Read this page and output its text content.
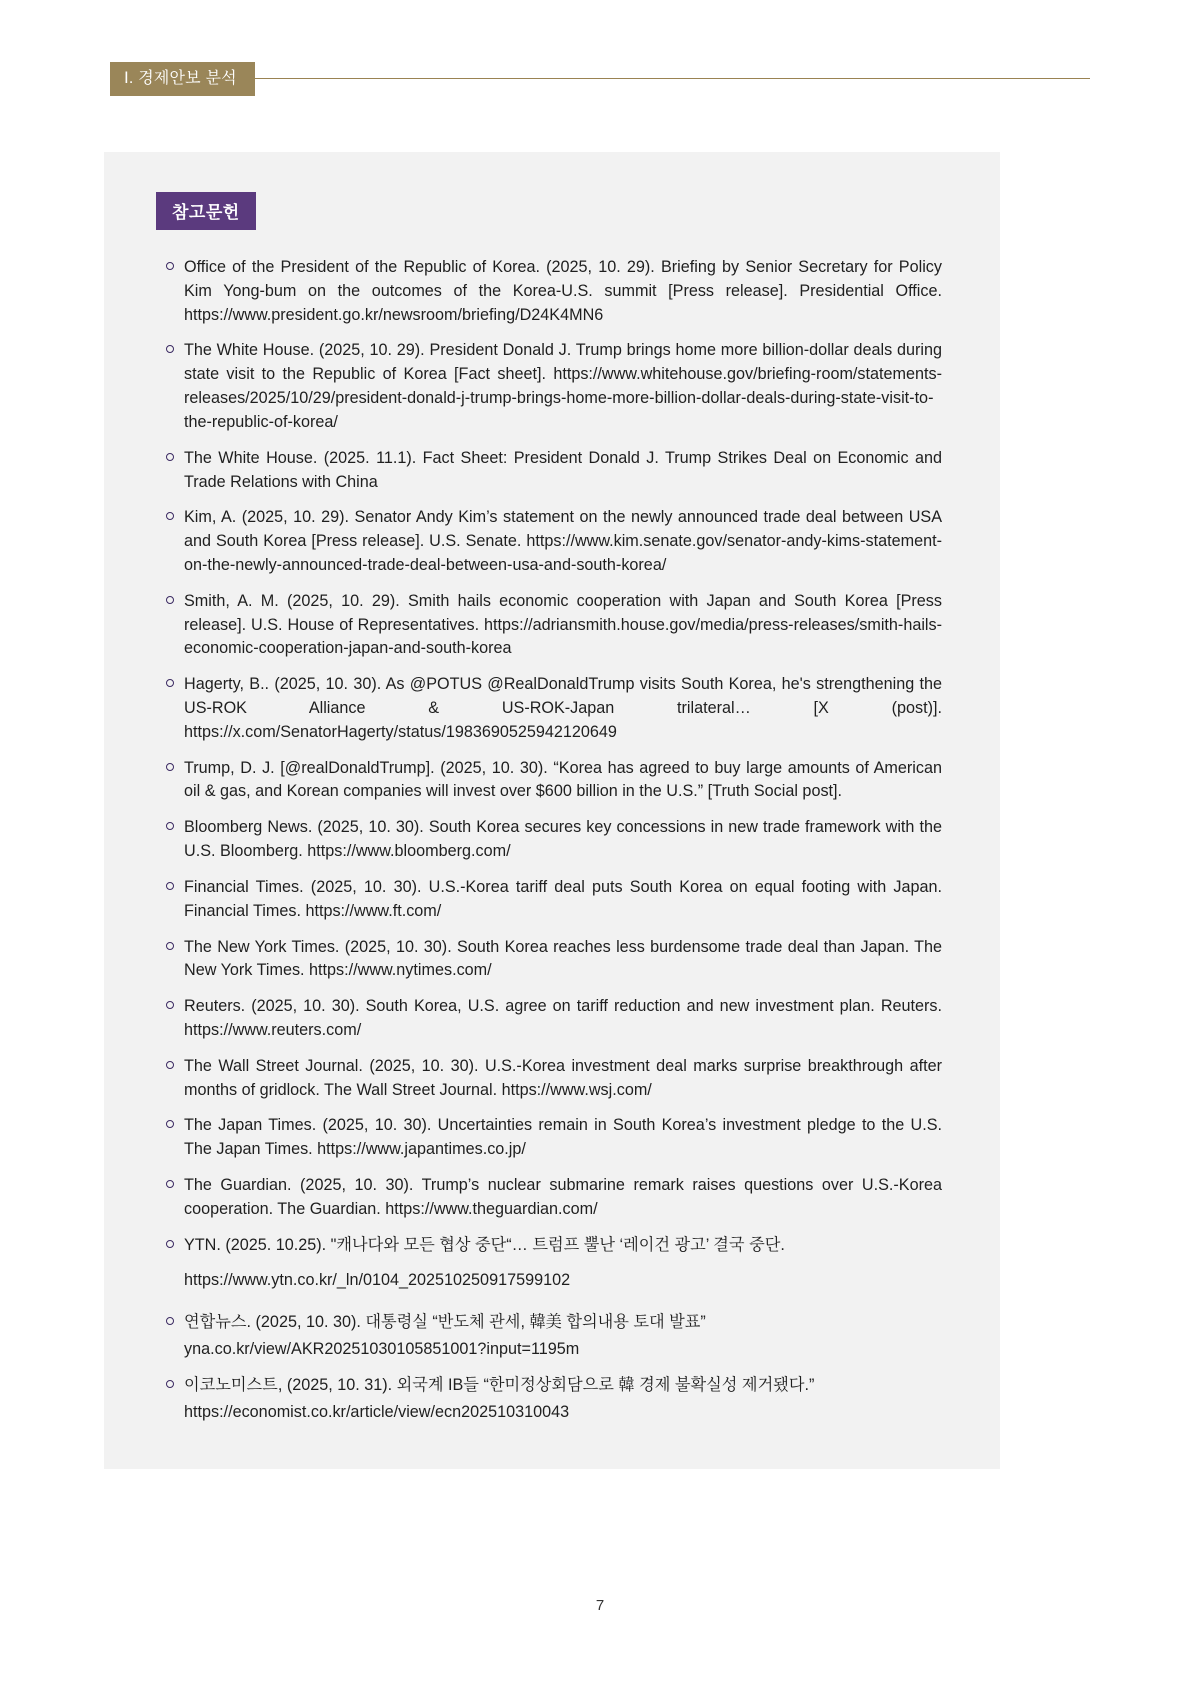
Ⅰ. 경제안보 분석
참고문헌
Office of the President of the Republic of Korea. (2025, 10. 29). Briefing by Senior Secretary for Policy Kim Yong-bum on the outcomes of the Korea-U.S. summit [Press release]. Presidential Office. https://www.president.go.kr/newsroom/briefing/D24K4MN6
The White House. (2025, 10. 29). President Donald J. Trump brings home more billion-dollar deals during state visit to the Republic of Korea [Fact sheet]. https://www.whitehouse.gov/briefing-room/statements-releases/2025/10/29/president-donald-j-trump-brings-home-more-billion-dollar-deals-during-state-visit-to-the-republic-of-korea/
The White House. (2025. 11.1). Fact Sheet: President Donald J. Trump Strikes Deal on Economic and Trade Relations with China
Kim, A. (2025, 10. 29). Senator Andy Kim’s statement on the newly announced trade deal between USA and South Korea [Press release]. U.S. Senate. https://www.kim.senate.gov/senator-andy-kims-statement-on-the-newly-announced-trade-deal-between-usa-and-south-korea/
Smith, A. M. (2025, 10. 29). Smith hails economic cooperation with Japan and South Korea [Press release]. U.S. House of Representatives. https://adriansmith.house.gov/media/press-releases/smith-hails-economic-cooperation-japan-and-south-korea
Hagerty, B.. (2025, 10. 30). As @POTUS @RealDonaldTrump visits South Korea, he's strengthening the US-ROK Alliance & US-ROK-Japan trilateral… [X (post)]. https://x.com/SenatorHagerty/status/1983690525942120649
Trump, D. J. [@realDonaldTrump]. (2025, 10. 30). “Korea has agreed to buy large amounts of American oil & gas, and Korean companies will invest over $600 billion in the U.S.” [Truth Social post].
Bloomberg News. (2025, 10. 30). South Korea secures key concessions in new trade framework with the U.S. Bloomberg. https://www.bloomberg.com/
Financial Times. (2025, 10. 30). U.S.-Korea tariff deal puts South Korea on equal footing with Japan. Financial Times. https://www.ft.com/
The New York Times. (2025, 10. 30). South Korea reaches less burdensome trade deal than Japan. The New York Times. https://www.nytimes.com/
Reuters. (2025, 10. 30). South Korea, U.S. agree on tariff reduction and new investment plan. Reuters. https://www.reuters.com/
The Wall Street Journal. (2025, 10. 30). U.S.-Korea investment deal marks surprise breakthrough after months of gridlock. The Wall Street Journal. https://www.wsj.com/
The Japan Times. (2025, 10. 30). Uncertainties remain in South Korea’s investment pledge to the U.S. The Japan Times. https://www.japantimes.co.jp/
The Guardian. (2025, 10. 30). Trump’s nuclear submarine remark raises questions over U.S.-Korea cooperation. The Guardian. https://www.theguardian.com/
YTN. (2025. 10.25). "캐나다와 모든 협상 중단“… 트럼프 뿔난 ‘레이건 광고’ 결국 중단.
https://www.ytn.co.kr/_ln/0104_202510250917599102
연합뉴스. (2025, 10. 30). 대통령실 “반도체 관세, 韓美 합의내용 토대 발표”
yna.co.kr/view/AKR20251030105851001?input=1195m
이코노미스트, (2025, 10. 31). 외국계 IB들 “한미정상회담으로 韓 경제 불확실성 제거됐다.”
https://economist.co.kr/article/view/ecn202510310043
7
